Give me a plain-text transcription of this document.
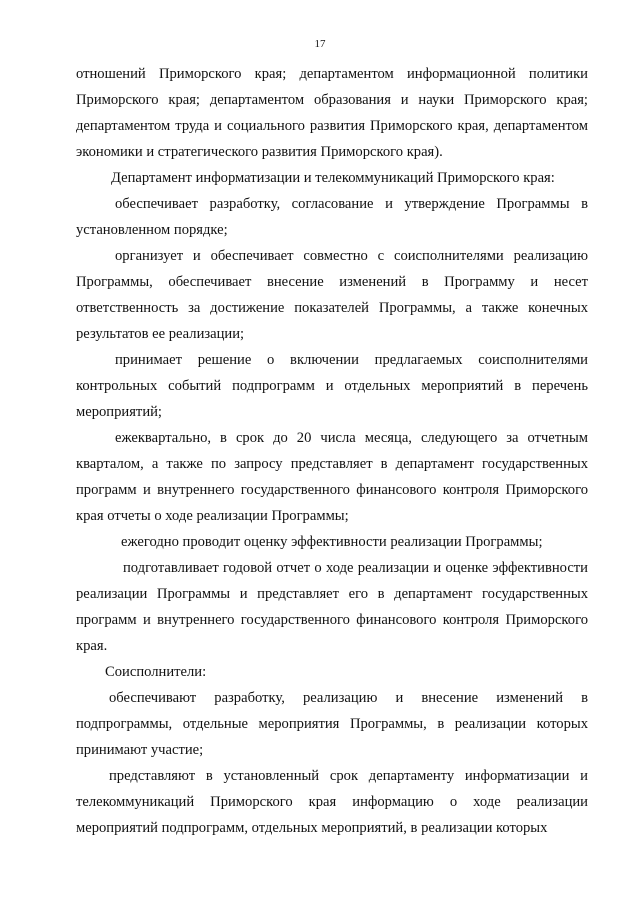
17

отношений Приморского края; департаментом информационной политики Приморского края; департаментом образования и науки Приморского края; департаментом труда и социального развития Приморского края, департаментом экономики и стратегического развития Приморского края).

Департамент информатизации и телекоммуникаций Приморского края:

обеспечивает разработку, согласование и утверждение Программы в установленном порядке;

организует и обеспечивает совместно с соисполнителями реализацию Программы, обеспечивает внесение изменений в Программу и несет ответственность за достижение показателей Программы, а также конечных результатов ее реализации;

принимает решение о включении предлагаемых соисполнителями контрольных событий подпрограмм и отдельных мероприятий в перечень мероприятий;

ежеквартально, в срок до 20 числа месяца, следующего за отчетным кварталом, а также по запросу представляет в департамент государственных программ и внутреннего государственного финансового контроля Приморского края отчеты о ходе реализации Программы;

ежегодно проводит оценку эффективности реализации Программы;

подготавливает годовой отчет о ходе реализации и оценке эффективности реализации Программы и представляет его в департамент государственных программ и внутреннего государственного финансового контроля Приморского края.

Соисполнители:

обеспечивают разработку, реализацию и внесение изменений в подпрограммы, отдельные мероприятия Программы, в реализации которых принимают участие;

представляют в установленный срок департаменту информатизации и телекоммуникаций Приморского края информацию о ходе реализации мероприятий подпрограмм, отдельных мероприятий, в реализации которых
